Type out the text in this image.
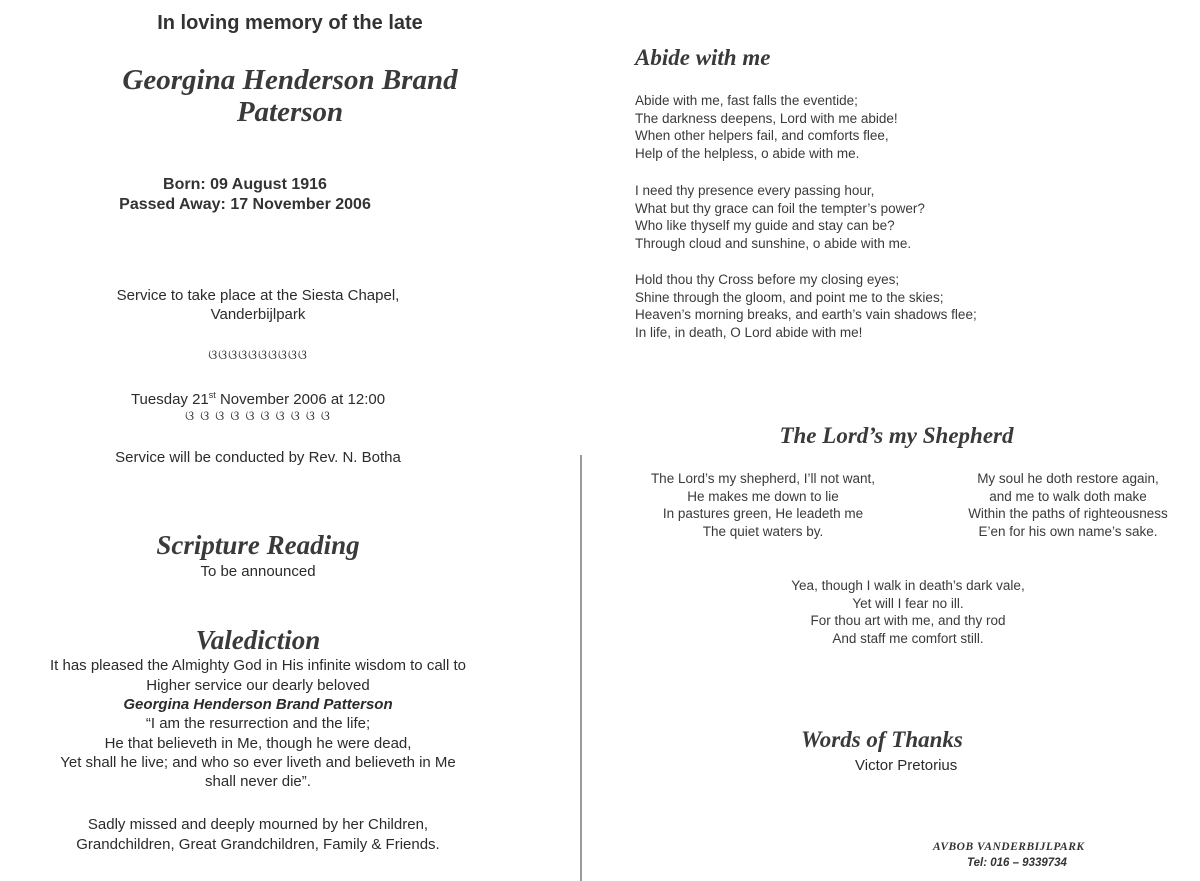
In loving memory of the late
Georgina Henderson Brand
Paterson
Born: 09 August 1916
Passed Away: 17 November 2006
Service to take place at the Siesta Chapel,
Vanderbijlpark
ଓଓଓଓଓଓଓଓଓଓ
Tuesday 21st November 2006 at 12:00
ଓ ଓ ଓ ଓ ଓ ଓ ଓ ଓ ଓ ଓ
Service will be conducted by Rev. N. Botha
Scripture Reading
To be announced
Valediction
It has pleased the Almighty God in His infinite wisdom to call to
Higher service our dearly beloved
Georgina Henderson Brand Patterson
“I am the resurrection and the life;
He that believeth in Me, though he were dead,
Yet shall he live; and who so ever liveth and believeth in Me
shall never die”.
Sadly missed and deeply mourned by her Children,
Grandchildren, Great Grandchildren, Family & Friends.
Abide with me

Abide with me, fast falls the eventide;

The darkness deepens, Lord with me abide!

When other helpers fail, and comforts flee,

Help of the helpless, o abide with me.

I need thy presence every passing hour,

What but thy grace can foil the tempter’s power?

Who like thyself my guide and stay can be?

Through cloud and sunshine, o abide with me.

Hold thou thy Cross before my closing eyes;

Shine through the gloom, and point me to the skies;

Heaven’s morning breaks, and earth’s vain shadows flee;

In life, in death, O Lord abide with me!

The Lord’s my Shepherd

The Lord’s my shepherd, I’ll not want,

He makes me down to lie

In pastures green, He leadeth me

The quiet waters by.

My soul he doth restore again,

and me to walk doth make

Within the paths of righteousness

E’en for his own name’s sake.

Yea, though I walk in death’s dark vale,

Yet will I fear no ill.

For thou art with me, and thy rod

And staff me comfort still.

Words of Thanks
Victor Pretorius
AVBOB VANDERBIJLPARK
Tel: 016 – 9339734
